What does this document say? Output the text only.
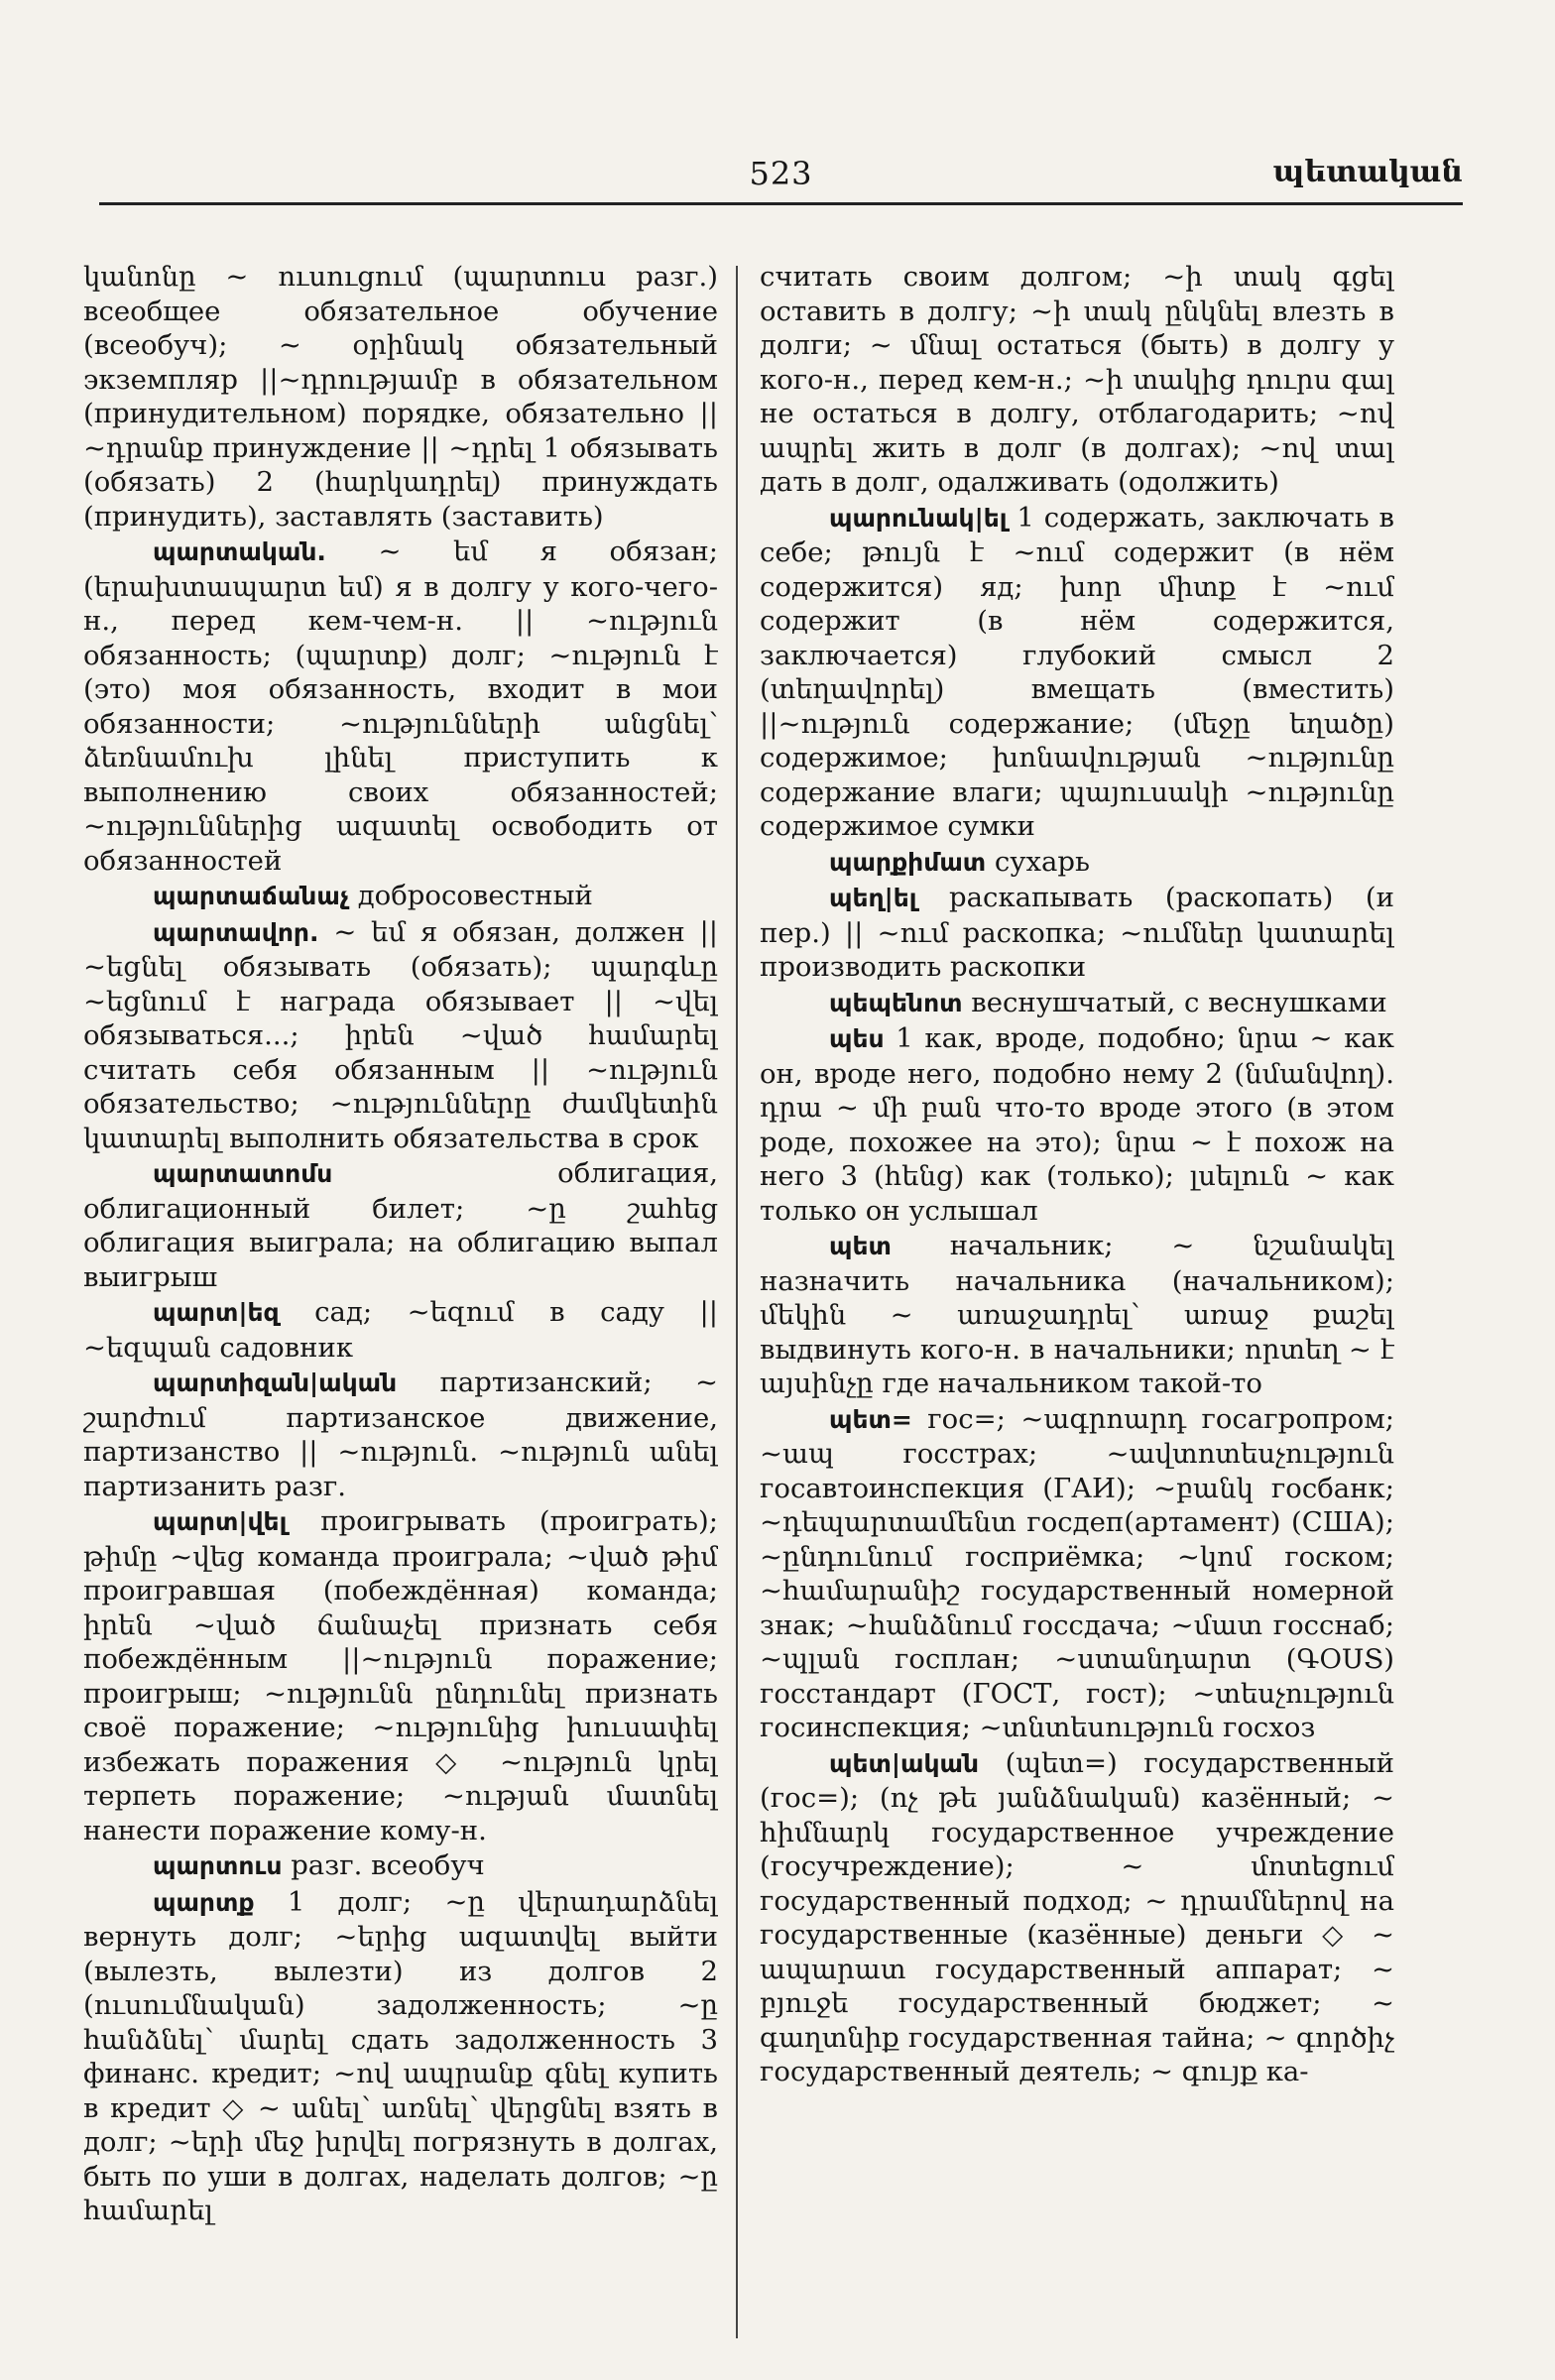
523	պետական

կանոնը ~ ուսուցում (պարտուս разг.) всеобщее обязательное обучение (всеобуч); ~ օրինակ обязательный экземпляр ||~դրությամբ в обязательном (принудительном) порядке, обязательно || ~դրանք принуждение || ~դրել 1 обязывать (обязать) 2 (հարկադրել) принуждать (принудить), заставлять (заставить)

պարտական. ~ եմ я обязан; (երախտապարտ եմ) я в долгу у кого-чего-н., перед кем-чем-н. || ~ություն обязанность; (պարտք) долг; ~ություն է (это) моя обязанность, входит в мои обязанности; ~ությունների անցնել՝ ձեռնամուխ լինել приступить к выполнению своих обязанностей; ~ություններից ազատել освободить от обязанностей

պարտաճանաչ добросовестный

պարտավոր. ~ եմ я обязан, должен || ~եցնել обязывать (обязать); պարգևը ~եցնում է награда обязывает || ~վել обязываться...; իրեն ~ված համարել считать себя обязанным || ~ություն обязательство; ~ությունները ժամկետին կատարել выполнить обязательства в срок

պարտատոմս	облигация, облигационный билет; ~ը շահեց облигация выиграла; на облигацию выпал выигрыш

պարտ|եզ сад; ~եզում в саду || ~եզպան садовник

պարտիզան|ական партизанский; ~ շարժում партизанское движение, партизанство || ~ություն. ~ություն անել партизанить разг.

պարտ|վել проигрывать (проиграть); թիմը ~վեց команда проиграла; ~ված թիմ проигравшая (побеждённая) команда; իրեն ~ված ճանաչել признать себя побеждённым ||~ություն поражение; проигрыш; ~ությունն ընդունել признать своё поражение; ~ությունից խուսափել избежать поражения ◇ ~ություն կրել терпеть поражение; ~ության մատնել нанести поражение кому-н.

պարտուս разг. всеобуч

պարտք 1 долг; ~ը վերադարձնել вернуть долг; ~երից ազատվել выйти (вылезть, вылезти) из долгов 2 (ուսումնական) задолженность; ~ը հանձնել՝ մարել сдать задолженность 3 финанс. кредит; ~ով ապրանք գնել купить в кредит ◇ ~ անել՝ առնել՝ վերցնել взять в долг; ~երի մեջ խրվել погрязнуть в долгах, быть по уши в долгах, наделать долгов; ~ը համարել

считать своим долгом; ~ի տակ գցել оставить в долгу; ~ի տակ ընկնել влезть в долги; ~ մնալ остаться (быть) в долгу у кого-н., перед кем-н.; ~ի տակից դուրս գալ не остаться в долгу, отблагодарить; ~ով ապրել жить в долг (в долгах); ~ով տալ дать в долг, одалживать (одолжить)

պարունակ|ել 1 содержать, заключать в себе; թույն է ~ում содержит (в нём содержится) яд; խոր միտք է ~ում содержит (в нём содержится, заключается) глубокий смысл 2 (տեղավորել) вмещать (вместить) ||~ություն содержание; (մեջը եղածը) содержимое; խոնավության ~ությունը содержание влаги; պայուսակի ~ությունը содержимое сумки

պարքիմատ сухарь

պեղ|ել раскапывать (раскопать) (и пер.) || ~ում раскопка; ~ումներ կատարել производить раскопки

պեպենոտ веснушчатый, с веснушками

պես 1 как, вроде, подобно; նրա ~ как он, вроде него, подобно нему 2 (նմանվող). դրա ~ մի բան что-то вроде этого (в этом роде, похожее на это); նրա ~ է похож на него 3 (հենց) как (только); լսելուն ~ как только он услышал

պետ начальник; ~ նշանակել назначить начальника (начальником); մեկին ~ առաջադրել՝ առաջ քաշել выдвинуть кого-н. в начальники; որտեղ ~ է այսինչը где начальником такой-то

պետ= гос=; ~ագրոարդ госагропром; ~ապ госстрах; ~ավտոտեսչություն госавтоинспекция (ГАИ); ~բանկ госбанк; ~դեպարտամենտ госдеп(артамент) (США); ~ընդունում госприёмка; ~կոմ госком; ~համարանիշ государственный номерной знак; ~հանձնում госсдача; ~մատ госснаб; ~պլան госплан; ~ստանդարտ (ԳՕՍՏ) госстандарт (ГОСТ, гост); ~տեսչություն госинспекция; ~տնտեսություն госхоз

պետ|ական (պետ=) государственный (гос=); (ոչ թե յանձնական) казённый; ~ հիմնարկ государственное учреждение (госучреждение); ~ մոտեցում государственный подход; ~ դրամներով на государственные (казённые) деньги ◇ ~ ապարատ государственный аппарат; ~ բյուջե государственный бюджет; ~ գաղտնիք государственная тайна; ~ գործիչ государственный деятель; ~ գույք ка-
